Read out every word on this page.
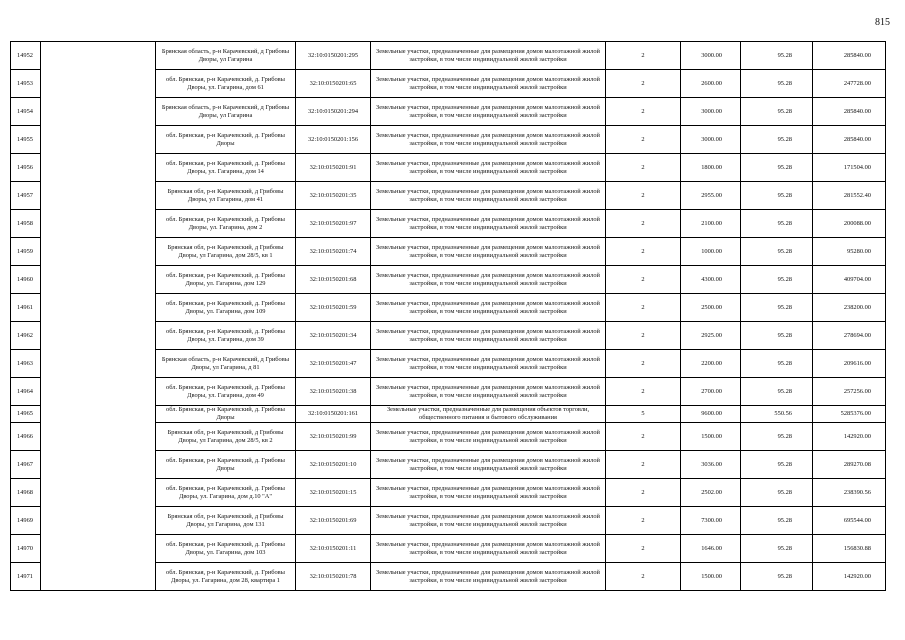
815
14952		Брянская область, р-н Карачевский, д Грибовы Дворы, ул Гагарина	32:10:0150201:295	Земельные участки, предназначенные для размещения домов малоэтажной жилой застройки, в том числе индивидуальной жилой застройки	2	3000.00	95.28	285840.00
14953		обл. Брянская, р-н Карачевский, д. Грибовы Дворы, ул. Гагарина, дом 61	32:10:0150201:65	Земельные участки, предназначенные для размещения домов малоэтажной жилой застройки, в том числе индивидуальной жилой застройки	2	2600.00	95.28	247728.00
14954		Брянская область, р-н Карачевский, д Грибовы Дворы, ул Гагарина	32:10:0150201:294	Земельные участки, предназначенные для размещения домов малоэтажной жилой застройки, в том числе индивидуальной жилой застройки	2	3000.00	95.28	285840.00
14955		обл. Брянская, р-н Карачевский, д. Грибовы Дворы	32:10:0150201:156	Земельные участки, предназначенные для размещения домов малоэтажной жилой застройки, в том числе индивидуальной жилой застройки	2	3000.00	95.28	285840.00
14956		обл. Брянская, р-н Карачевский, д. Грибовы Дворы, ул. Гагарина, дом 14	32:10:0150201:91	Земельные участки, предназначенные для размещения домов малоэтажной жилой застройки, в том числе индивидуальной жилой застройки	2	1800.00	95.28	171504.00
14957		Брянская обл, р-н Карачевский, д Грибовы Дворы, ул Гагарина, дом 41	32:10:0150201:35	Земельные участки, предназначенные для размещения домов малоэтажной жилой застройки, в том числе индивидуальной жилой застройки	2	2955.00	95.28	281552.40
14958		обл. Брянская, р-н Карачевский, д. Грибовы Дворы, ул. Гагарина, дом 2	32:10:0150201:97	Земельные участки, предназначенные для размещения домов малоэтажной жилой застройки, в том числе индивидуальной жилой застройки	2	2100.00	95.28	200088.00
14959		Брянская обл, р-н Карачевский, д Грибовы Дворы, ул Гагарина, дом 28/5, кв 1	32:10:0150201:74	Земельные участки, предназначенные для размещения домов малоэтажной жилой застройки, в том числе индивидуальной жилой застройки	2	1000.00	95.28	95280.00
14960		обл. Брянская, р-н Карачевский, д. Грибовы Дворы, ул. Гагарина, дом 129	32:10:0150201:68	Земельные участки, предназначенные для размещения домов малоэтажной жилой застройки, в том числе индивидуальной жилой застройки	2	4300.00	95.28	409704.00
14961		обл. Брянская, р-н Карачевский, д. Грибовы Дворы, ул. Гагарина, дом 109	32:10:0150201:59	Земельные участки, предназначенные для размещения домов малоэтажной жилой застройки, в том числе индивидуальной жилой застройки	2	2500.00	95.28	238200.00
14962		обл. Брянская, р-н Карачевский, д. Грибовы Дворы, ул. Гагарина, дом 39	32:10:0150201:34	Земельные участки, предназначенные для размещения домов малоэтажной жилой застройки, в том числе индивидуальной жилой застройки	2	2925.00	95.28	278694.00
14963		Брянская область, р-н Карачевский, д Грибовы Дворы, ул Гагарина, д 81	32:10:0150201:47	Земельные участки, предназначенные для размещения домов малоэтажной жилой застройки, в том числе индивидуальной жилой застройки	2	2200.00	95.28	209616.00
14964		обл. Брянская, р-н Карачевский, д. Грибовы Дворы, ул. Гагарина, дом 49	32:10:0150201:38	Земельные участки, предназначенные для размещения домов малоэтажной жилой застройки, в том числе индивидуальной жилой застройки	2	2700.00	95.28	257256.00
14965		обл. Брянская, р-н Карачевский, д. Грибовы Дворы	32:10:0150201:161	Земельные участки, предназначенные для размещения объектов торговли, общественного питания и бытового обслуживания	5	9600.00	550.56	5285376.00
14966		Брянская обл, р-н Карачевский, д Грибовы Дворы, ул Гагарина, дом 28/5, кв 2	32:10:0150201:99	Земельные участки, предназначенные для размещения домов малоэтажной жилой застройки, в том числе индивидуальной жилой застройки	2	1500.00	95.28	142920.00
14967		обл. Брянская, р-н Карачевский, д. Грибовы Дворы	32:10:0150201:10	Земельные участки, предназначенные для размещения домов малоэтажной жилой застройки, в том числе индивидуальной жилой застройки	2	3036.00	95.28	289270.08
14968		обл. Брянская, р-н Карачевский, д. Грибовы Дворы, ул. Гагарина, дом д.10 "А"	32:10:0150201:15	Земельные участки, предназначенные для размещения домов малоэтажной жилой застройки, в том числе индивидуальной жилой застройки	2	2502.00	95.28	238390.56
14969		Брянская обл, р-н Карачевский, д Грибовы Дворы, ул Гагарина, дом 131	32:10:0150201:69	Земельные участки, предназначенные для размещения домов малоэтажной жилой застройки, в том числе индивидуальной жилой застройки	2	7300.00	95.28	695544.00
14970		обл. Брянская, р-н Карачевский, д. Грибовы Дворы, ул. Гагарина, дом 103	32:10:0150201:11	Земельные участки, предназначенные для размещения домов малоэтажной жилой застройки, в том числе индивидуальной жилой застройки	2	1646.00	95.28	156830.88
14971		обл. Брянская, р-н Карачевский, д. Грибовы Дворы, ул. Гагарина, дом 28, квартира 1	32:10:0150201:78	Земельные участки, предназначенные для размещения домов малоэтажной жилой застройки, в том числе индивидуальной жилой застройки	2	1500.00	95.28	142920.00
